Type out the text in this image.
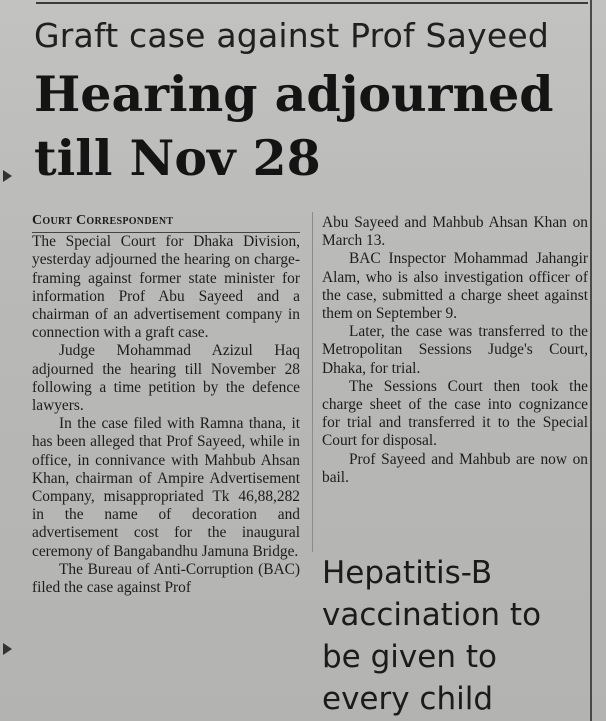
Graft case against Prof Sayeed
Hearing adjourned till Nov 28

Court Correspondent

The Special Court for Dhaka Division, yesterday adjourned the hearing on charge-framing against former state minister for information Prof Abu Sayeed and a chairman of an advertisement company in connection with a graft case.

Judge Mohammad Azizul Haq adjourned the hearing till November 28 following a time petition by the defence lawyers.

In the case filed with Ramna thana, it has been alleged that Prof Sayeed, while in office, in connivance with Mahbub Ahsan Khan, chairman of Ampire Advertisement Company, misappropriated Tk 46,88,282 in the name of decoration and advertisement cost for the inaugural ceremony of Bangabandhu Jamuna Bridge.

The Bureau of Anti-Corruption (BAC) filed the case against Prof

Abu Sayeed and Mahbub Ahsan Khan on March 13.

BAC Inspector Mohammad Jahangir Alam, who is also investigation officer of the case, submitted a charge sheet against them on September 9.

Later, the case was transferred to the Metropolitan Sessions Judge's Court, Dhaka, for trial.

The Sessions Court then took the charge sheet of the case into cognizance for trial and transferred it to the Special Court for disposal.

Prof Sayeed and Mahbub are now on bail.

Hepatitis-B vaccination to be given to every child
